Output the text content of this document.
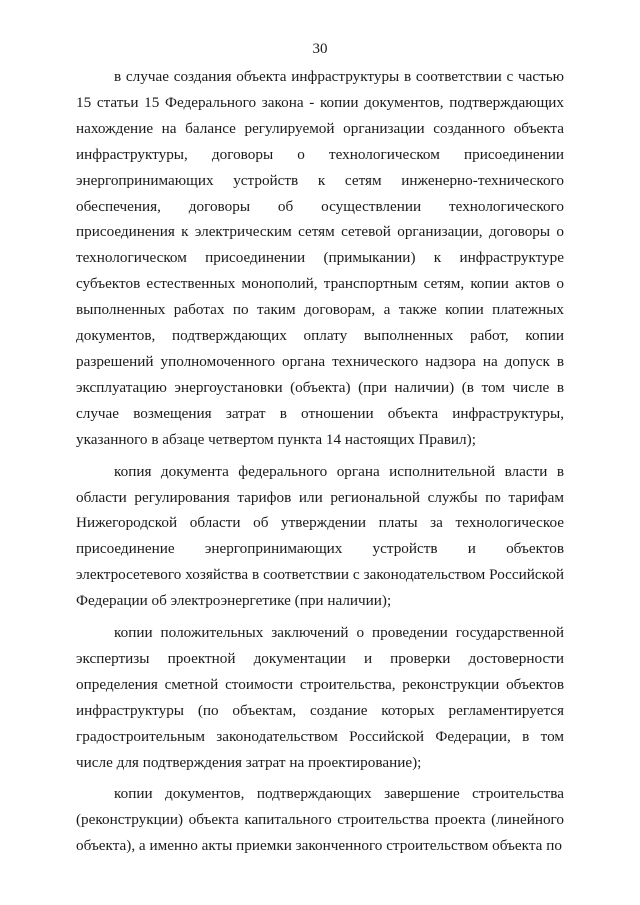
30

в случае создания объекта инфраструктуры в соответствии с частью 15 статьи 15 Федерального закона - копии документов, подтверждающих нахождение на балансе регулируемой организации созданного объекта инфраструктуры, договоры о технологическом присоединении энергопринимающих устройств к сетям инженерно-технического обеспечения, договоры об осуществлении технологического присоединения к электрическим сетям сетевой организации, договоры о технологическом присоединении (примыкании) к инфраструктуре субъектов естественных монополий, транспортным сетям, копии актов о выполненных работах по таким договорам, а также копии платежных документов, подтверждающих оплату выполненных работ, копии разрешений уполномоченного органа технического надзора на допуск в эксплуатацию энергоустановки (объекта) (при наличии) (в том числе в случае возмещения затрат в отношении объекта инфраструктуры, указанного в абзаце четвертом пункта 14 настоящих Правил);

копия документа федерального органа исполнительной власти в области регулирования тарифов или региональной службы по тарифам Нижегородской области об утверждении платы за технологическое присоединение энергопринимающих устройств и объектов электросетевого хозяйства в соответствии с законодательством Российской Федерации об электроэнергетике (при наличии);

копии положительных заключений о проведении государственной экспертизы проектной документации и проверки достоверности определения сметной стоимости строительства, реконструкции объектов инфраструктуры (по объектам, создание которых регламентируется градостроительным законодательством Российской Федерации, в том числе для подтверждения затрат на проектирование);

копии документов, подтверждающих завершение строительства (реконструкции) объекта капитального строительства проекта (линейного объекта), а именно акты приемки законченного строительством объекта по
